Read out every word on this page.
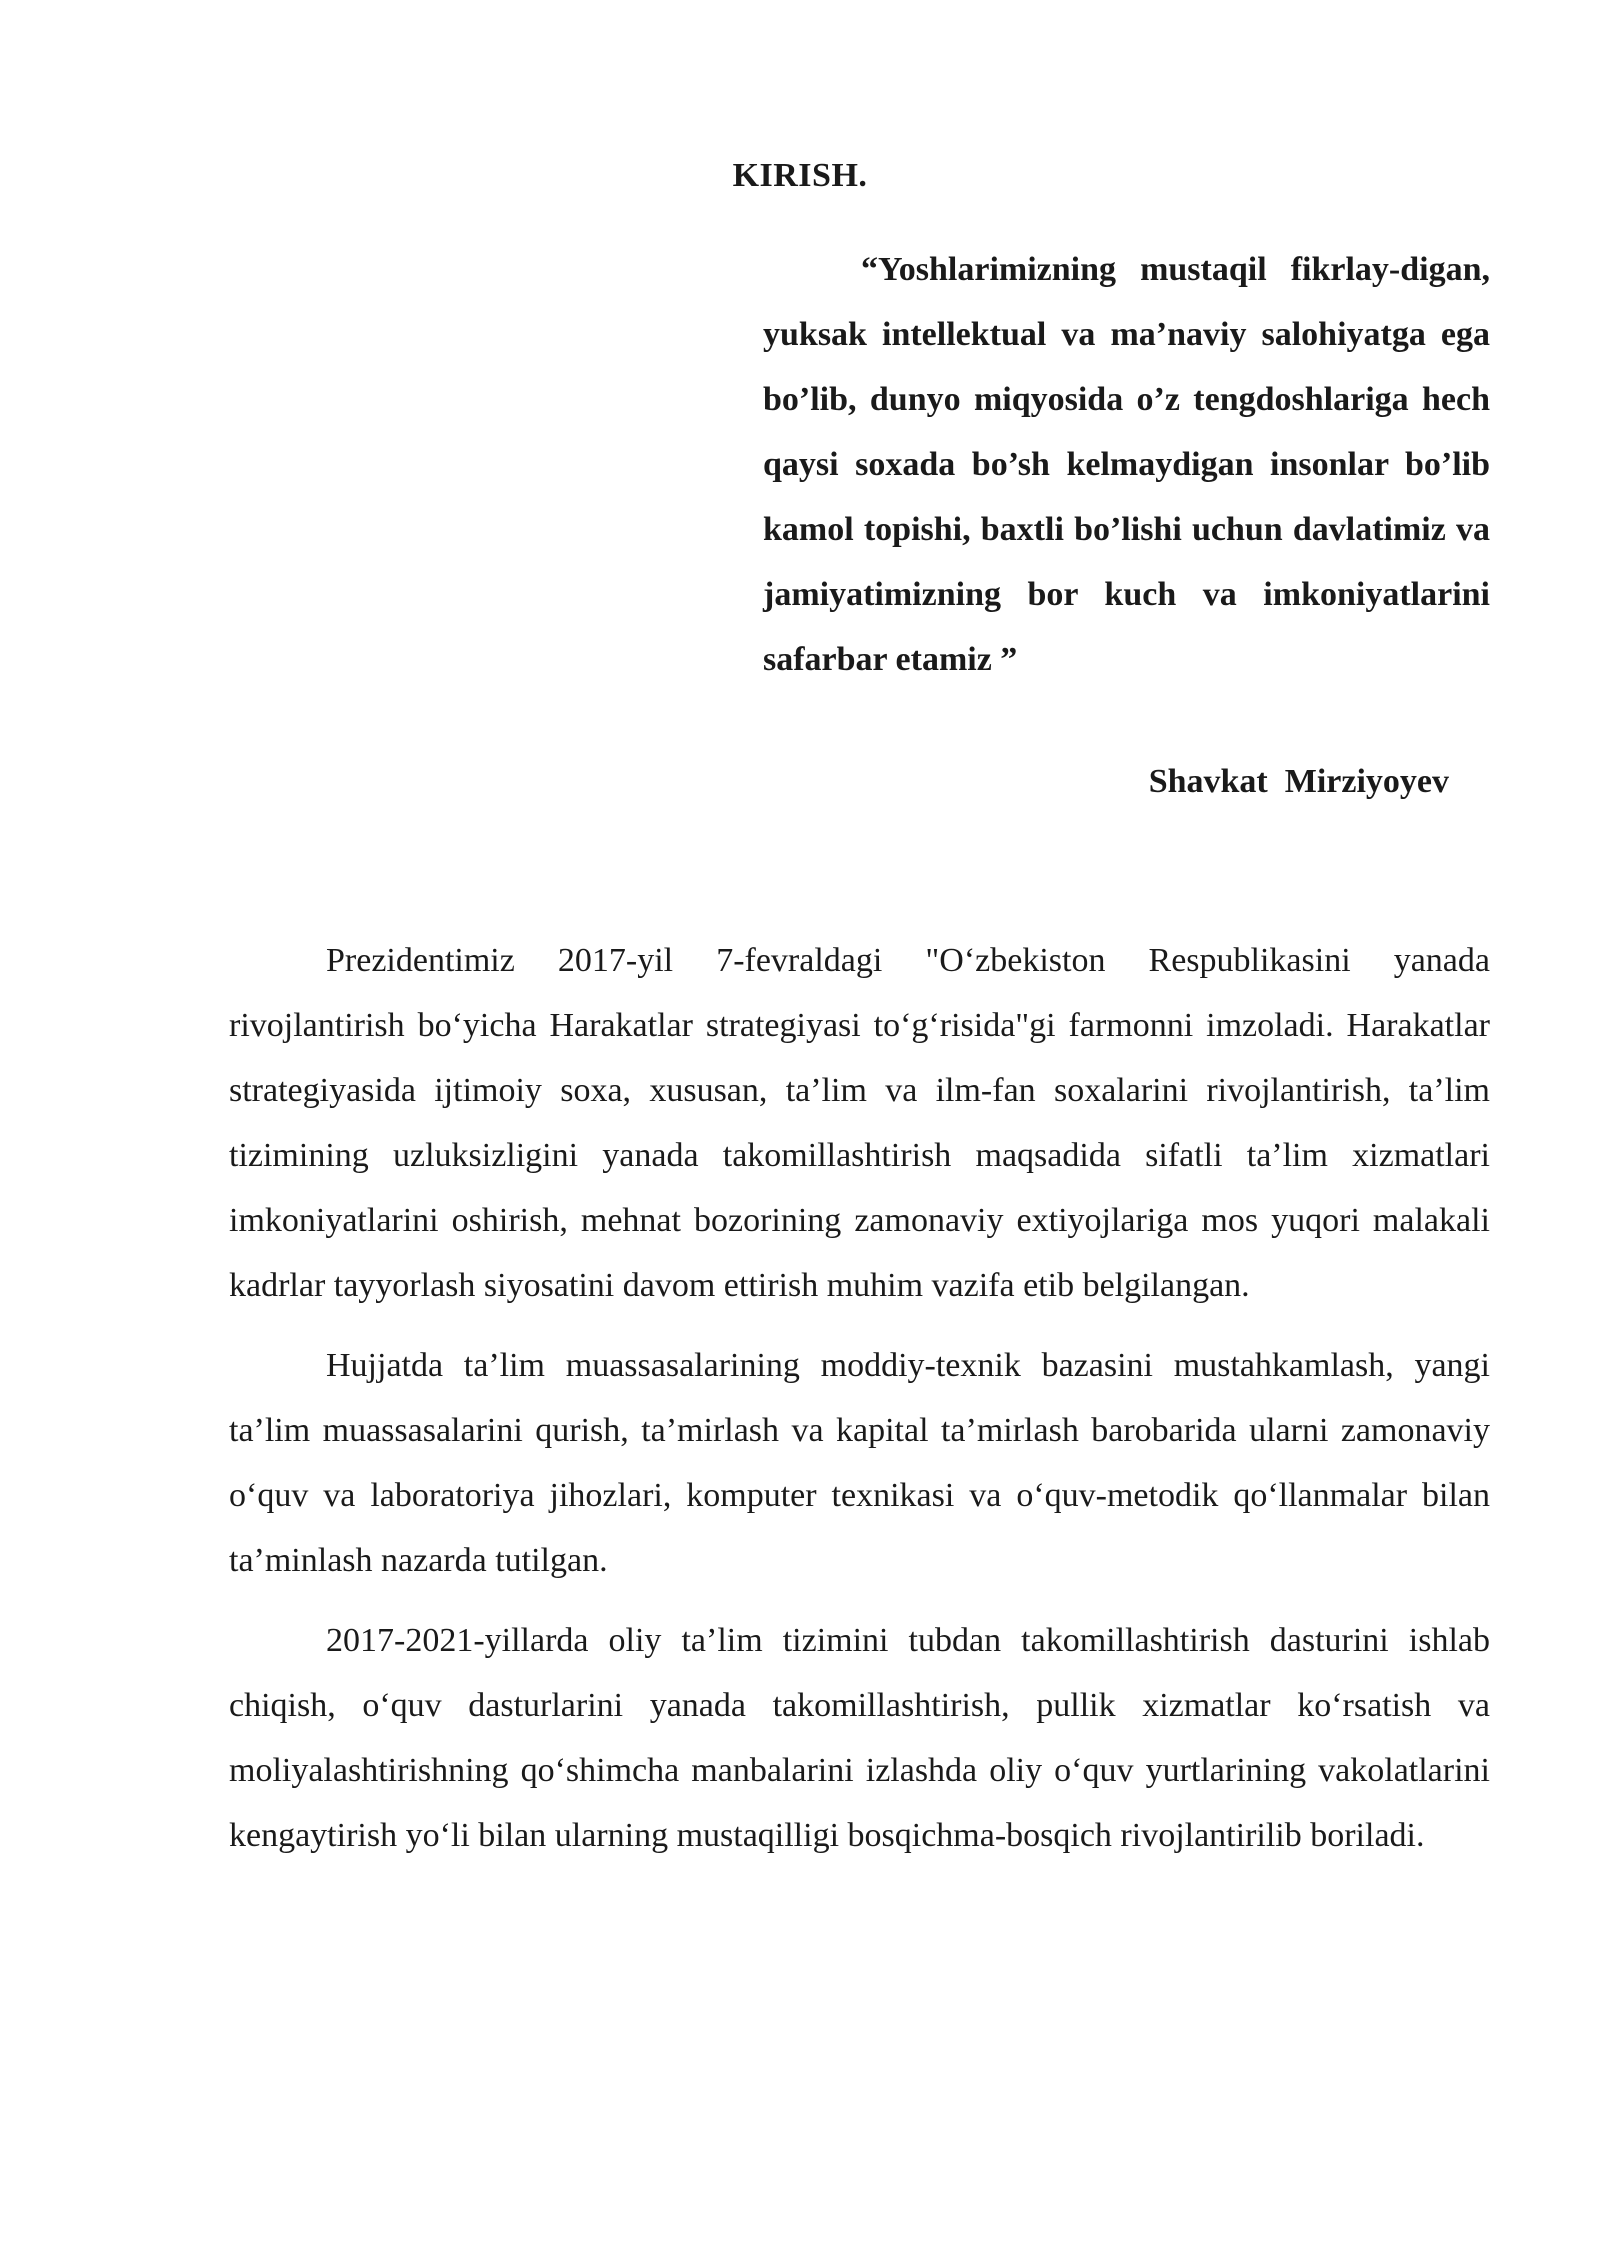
KIRISH.

“Yoshlarimizning mustaqil fikrlay-digan, yuksak intellektual va ma’naviy salohiyatga ega bo’lib, dunyo miqyosida o’z tengdoshlariga hech qaysi soxada bo’sh kelmaydigan insonlar bo’lib kamol topishi, baxtli bo’lishi uchun davlatimiz va jamiyatimizning bor kuch va imkoniyatlarini safarbar etamiz ”

Shavkat  Mirziyoyev

Prezidentimiz 2017-yil 7-fevraldagi "O‘zbekiston Respublikasini yanada rivojlantirish bo‘yicha Harakatlar strategiyasi to‘g‘risida"gi farmonni imzoladi. Harakatlar strategiyasida ijtimoiy soxa, xususan, ta’lim va ilm-fan soxalarini rivojlantirish, ta’lim tizimining uzluksizligini yanada takomillashtirish maqsadida sifatli ta’lim xizmatlari imkoniyatlarini oshirish, mehnat bozorining zamonaviy extiyojlariga mos yuqori malakali kadrlar tayyorlash siyosatini davom ettirish muhim vazifa etib belgilangan.

Hujjatda ta’lim muassasalarining moddiy-texnik bazasini mustahkamlash, yangi ta’lim muassasalarini qurish, ta’mirlash va kapital ta’mirlash barobarida ularni zamonaviy o‘quv va laboratoriya jihozlari, komputer texnikasi va o‘quv-metodik qo‘llanmalar bilan ta’minlash nazarda tutilgan.

2017-2021-yillarda oliy ta’lim tizimini tubdan takomillashtirish dasturini ishlab chiqish, o‘quv dasturlarini yanada takomillashtirish, pullik xizmatlar ko‘rsatish va moliyalashtirishning qo‘shimcha manbalarini izlashda oliy o‘quv yurtlarining vakolatlarini kengaytirish yo‘li bilan ularning mustaqilligi bosqichma-bosqich rivojlantirilib boriladi.
